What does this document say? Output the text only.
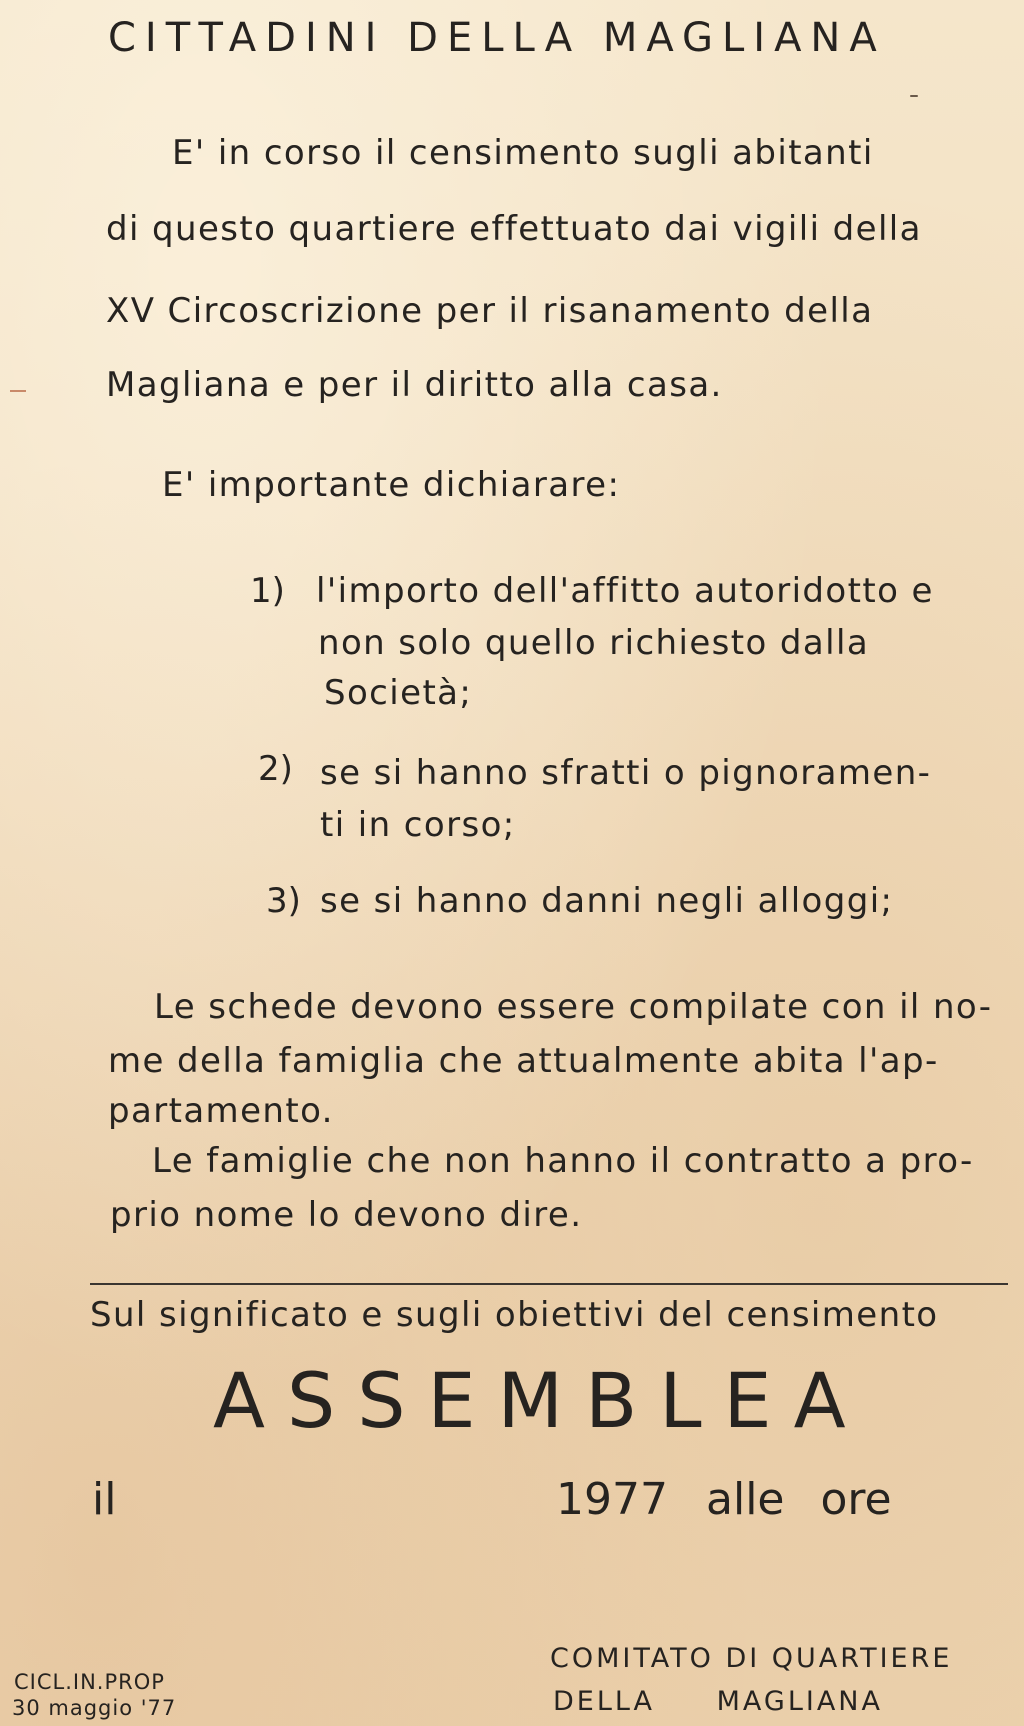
CITTADINI DELLA MAGLIANA

E' in corso il censimento sugli abitanti

di questo quartiere effettuato dai vigili della

XV Circoscrizione per il risanamento della

Magliana e per il diritto alla casa.

E' importante dichiarare:

1) l'importo dell'affitto autoridotto e

non solo quello richiesto dalla

Società;

2) se si hanno sfratti o pignoramen-

ti in corso;

3) se si hanno danni negli alloggi;

Le schede devono essere compilate con il no-

me della famiglia che attualmente abita l'ap-

partamento.

Le famiglie che non hanno il contratto a pro-

prio nome lo devono dire.

Sul significato e sugli obiettivi del censimento

ASSEMBLEA
il	1977 alle ore

COMITATO DI QUARTIERE

DELLA MAGLIANA

CICL.IN.PROP

30 maggio '77
